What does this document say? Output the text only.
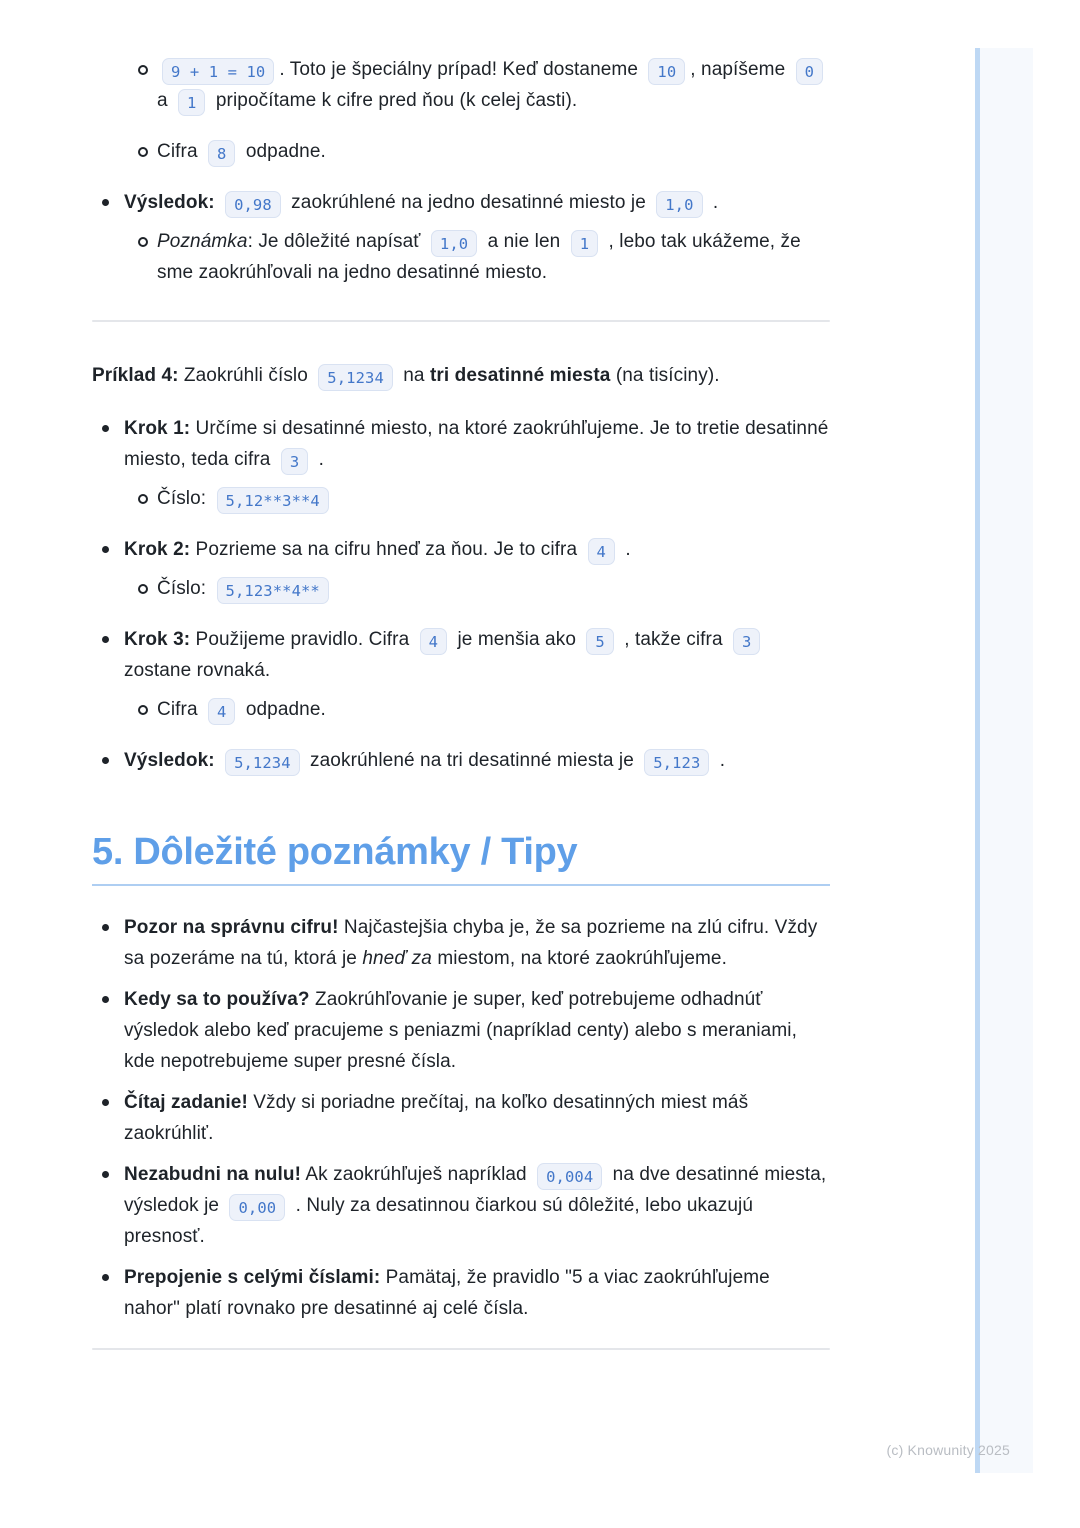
9 + 1 = 10 . Toto je špeciálny prípad! Keď dostaneme 10 , napíšeme 0 a 1 pripočítame k cifre pred ňou (k celej časti).
Cifra 8 odpadne.
Výsledok: 0,98 zaokrúhlené na jedno desatinné miesto je 1,0 .
Poznámka: Je dôležité napísať 1,0 a nie len 1 , lebo tak ukážeme, že sme zaokrúhľovali na jedno desatinné miesto.

Príklad 4: Zaokrúhli číslo 5,1234 na tri desatinné miesta (na tisíciny).

Krok 1: Určíme si desatinné miesto, na ktoré zaokrúhľujeme. Je to tretie desatinné miesto, teda cifra 3 .
Číslo: 5,12**3**4
Krok 2: Pozrieme sa na cifru hneď za ňou. Je to cifra 4 .
Číslo: 5,123**4**
Krok 3: Použijeme pravidlo. Cifra 4 je menšia ako 5 , takže cifra 3 zostane rovnaká.
Cifra 4 odpadne.
Výsledok: 5,1234 zaokrúhlené na tri desatinné miesta je 5,123 .
5. Dôležité poznámky / Tipy
Pozor na správnu cifru! Najčastejšia chyba je, že sa pozrieme na zlú cifru. Vždy sa pozeráme na tú, ktorá je hneď za miestom, na ktoré zaokrúhľujeme.
Kedy sa to používa? Zaokrúhľovanie je super, keď potrebujeme odhadnúť výsledok alebo keď pracujeme s peniazmi (napríklad centy) alebo s meraniami, kde nepotrebujeme super presné čísla.
Čítaj zadanie! Vždy si poriadne prečítaj, na koľko desatinných miest máš zaokrúhliť.
Nezabudni na nulu! Ak zaokrúhľuješ napríklad 0,004 na dve desatinné miesta, výsledok je 0,00 . Nuly za desatinnou čiarkou sú dôležité, lebo ukazujú presnosť.
Prepojenie s celými číslami: Pamätaj, že pravidlo "5 a viac zaokrúhľujeme nahor" platí rovnako pre desatinné aj celé čísla.
(c) Knowunity 2025
